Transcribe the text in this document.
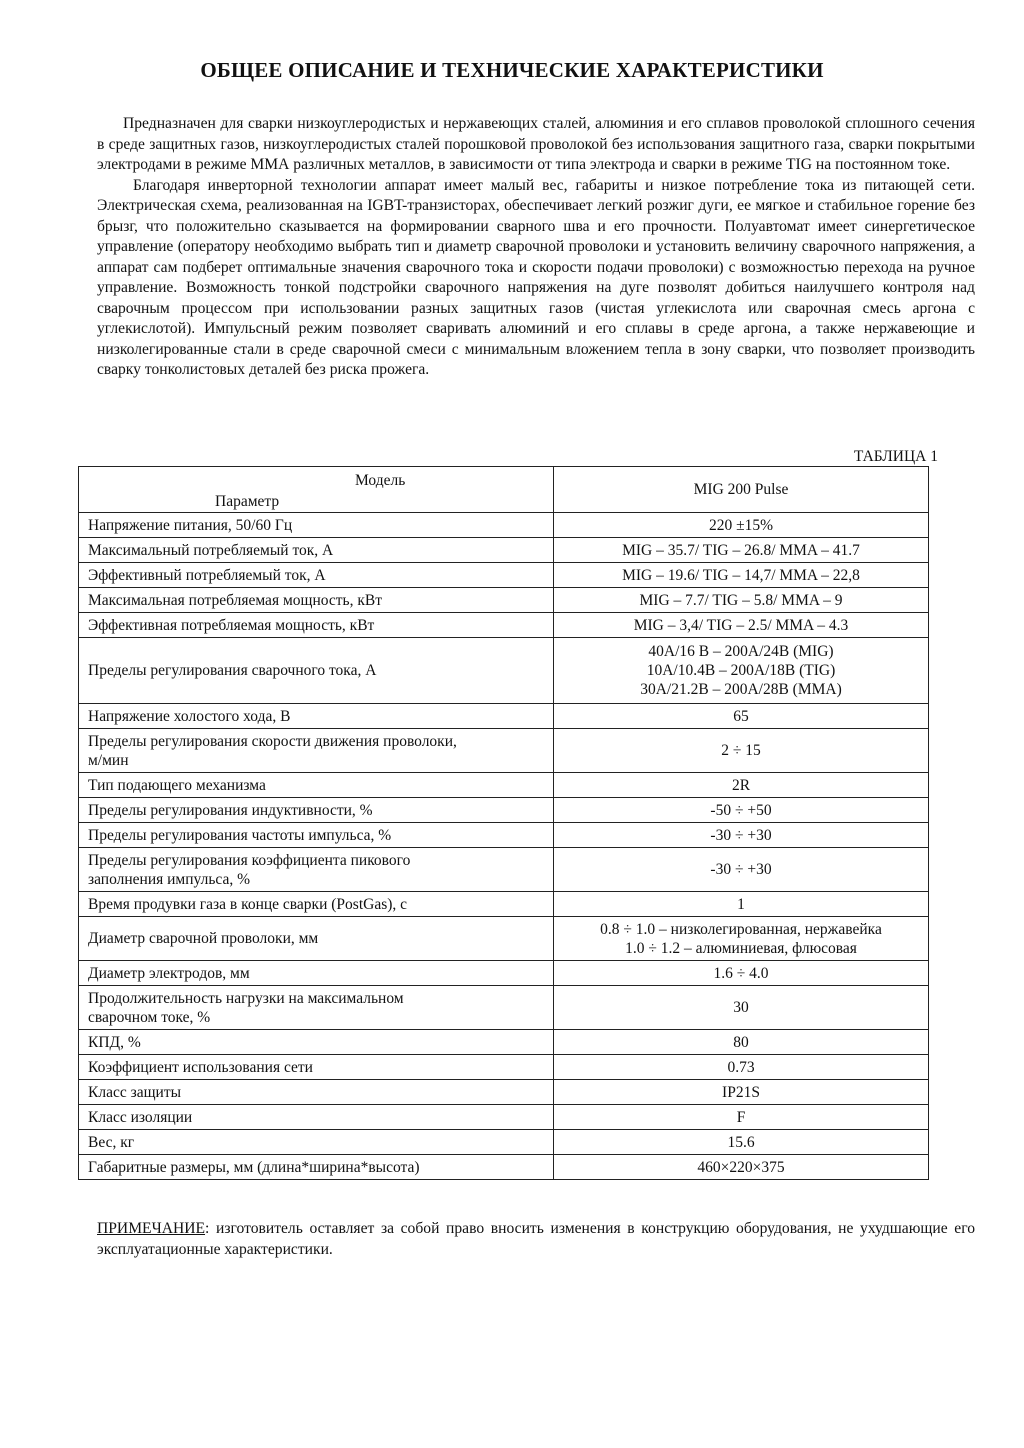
ОБЩЕЕ ОПИСАНИЕ И ТЕХНИЧЕСКИЕ ХАРАКТЕРИСТИКИ

Предназначен для сварки низкоуглеродистых и нержавеющих сталей, алюминия и его сплавов проволокой сплошного сечения в среде защитных газов, низкоуглеродистых сталей порошковой проволокой без использования защитного газа, сварки покрытыми электродами в режиме ММА различных металлов, в зависимости от типа электрода и сварки в режиме TIG на постоянном токе.

Благодаря инверторной технологии аппарат имеет малый вес, габариты и низкое потребление тока из питающей сети. Электрическая схема, реализованная на IGBT-транзисторах, обеспечивает легкий розжиг дуги, ее мягкое и стабильное горение без брызг, что положительно сказывается на формировании сварного шва и его прочности. Полуавтомат имеет синергетическое управление (оператору необходимо выбрать тип и диаметр сварочной проволоки и установить величину сварочного напряжения, а аппарат сам подберет оптимальные значения сварочного тока и скорости подачи проволоки) с возможностью перехода на ручное управление. Возможность тонкой подстройки сварочного напряжения на дуге позволят добиться наилучшего контроля над сварочным процессом при использовании разных защитных газов (чистая углекислота или сварочная смесь аргона с углекислотой). Импульсный режим позволяет сваривать алюминий и его сплавы в среде аргона, а также нержавеющие и низколегированные стали в среде сварочной смеси с минимальным вложением тепла в зону сварки, что позволяет производить сварку тонколистовых деталей без риска прожега.

ТАБЛИЦА 1
Модель
Параметр	MIG 200 Pulse

Напряжение питания, 50/60 Гц	220 ±15%

Максимальный потребляемый ток, А	MIG – 35.7/ TIG – 26.8/ MMA – 41.7

Эффективный потребляемый ток, А	MIG – 19.6/ TIG – 14,7/ MMA – 22,8

Максимальная потребляемая мощность, кВт	MIG – 7.7/ TIG – 5.8/ MMA – 9

Эффективная потребляемая мощность, кВт	MIG – 3,4/ TIG – 2.5/ MMA – 4.3

Пределы регулирования сварочного тока, А	40А/16 В – 200А/24В (MIG)
10А/10.4В – 200А/18В (TIG)
30А/21.2В – 200А/28В (MMA)

Напряжение холостого хода, В	65

Пределы регулирования скорости движения проволоки,
м/мин	2 ÷ 15

Тип подающего механизма	2R

Пределы регулирования индуктивности, %	-50 ÷ +50

Пределы регулирования частоты импульса, %	-30 ÷ +30

Пределы регулирования коэффициента пикового
заполнения импульса, %	-30 ÷ +30

Время продувки газа в конце сварки (PostGas), с	1

Диаметр сварочной проволоки, мм	0.8 ÷ 1.0 – низколегированная, нержавейка
1.0 ÷ 1.2 – алюминиевая, флюсовая

Диаметр электродов, мм	1.6 ÷ 4.0

Продолжительность нагрузки на максимальном
сварочном токе, %	30

КПД, %	80

Коэффициент использования сети	0.73

Класс защиты	IP21S

Класс изоляции	F

Вес, кг	15.6

Габаритные размеры, мм (длина*ширина*высота)	460×220×375
ПРИМЕЧАНИЕ: изготовитель оставляет за собой право вносить изменения в конструкцию оборудования, не ухудшающие его эксплуатационные характеристики.
